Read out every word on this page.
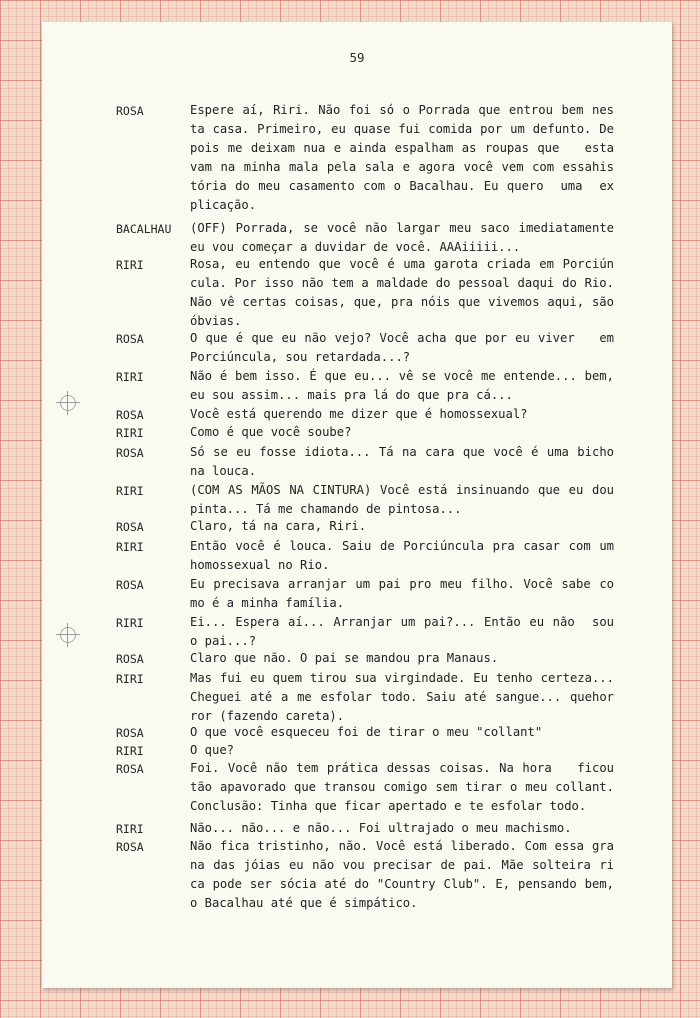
59
ROSA	Espere aí, Riri. Não foi só o Porrada que entrou bem nes
ta casa. Primeiro, eu quase fui comida por um defunto. De
pois me deixam nua e ainda espalham as roupas que   esta
vam na minha mala pela sala e agora você vem com essahis
tória do meu casamento com o Bacalhau. Eu quero  uma  ex
plicação.
BACALHAU (OFF) Porrada, se você não largar meu saco imediatamente
eu vou começar a duvidar de você. AAAiiiii...
RIRI	Rosa, eu entendo que você é uma garota criada em Porciún
cula. Por isso não tem a maldade do pessoal daqui do Rio.
Não vê certas coisas, que, pra nóis que vivemos aqui, são
óbvias.
ROSA	O que é que eu não vejo? Você acha que por eu viver   em
Porciúncula, sou retardada...?
RIRI	Não é bem isso. É que eu... vê se você me entende... bem,
eu sou assim... mais pra lá do que pra cá...
ROSA	Você está querendo me dizer que é homossexual?
RIRI	Como é que você soube?
ROSA	Só se eu fosse idiota... Tá na cara que você é uma bicho
na louca.
RIRI	(COM AS MÃOS NA CINTURA) Você está insinuando que eu dou
pinta... Tá me chamando de pintosa...
ROSA	Claro, tá na cara, Riri.
RIRI	Então você é louca. Saiu de Porciúncula pra casar com um
homossexual no Rio.
ROSA	Eu precisava arranjar um pai pro meu filho. Você sabe co
mo é a minha família.
RIRI	Ei... Espera aí... Arranjar um pai?... Então eu não  sou
o pai...?
ROSA	Claro que não. O pai se mandou pra Manaus.
RIRI	Mas fui eu quem tirou sua virgindade. Eu tenho certeza...
Cheguei até a me esfolar todo. Saiu até sangue... quehor
ror (fazendo careta).
ROSA	O que você esqueceu foi de tirar o meu "collant"
RIRI	O que?
ROSA	Foi. Você não tem prática dessas coisas. Na hora   ficou
tão apavorado que transou comigo sem tirar o meu collant.
Conclusão: Tinha que ficar apertado e te esfolar todo.
RIRI	Não... não... e não... Foi ultrajado o meu machismo.
ROSA	Não fica tristinho, não. Você está liberado. Com essa gra
na das jóias eu não vou precisar de pai. Mãe solteira ri
ca pode ser sócia até do "Country Club". E, pensando bem,
o Bacalhau até que é simpático.
